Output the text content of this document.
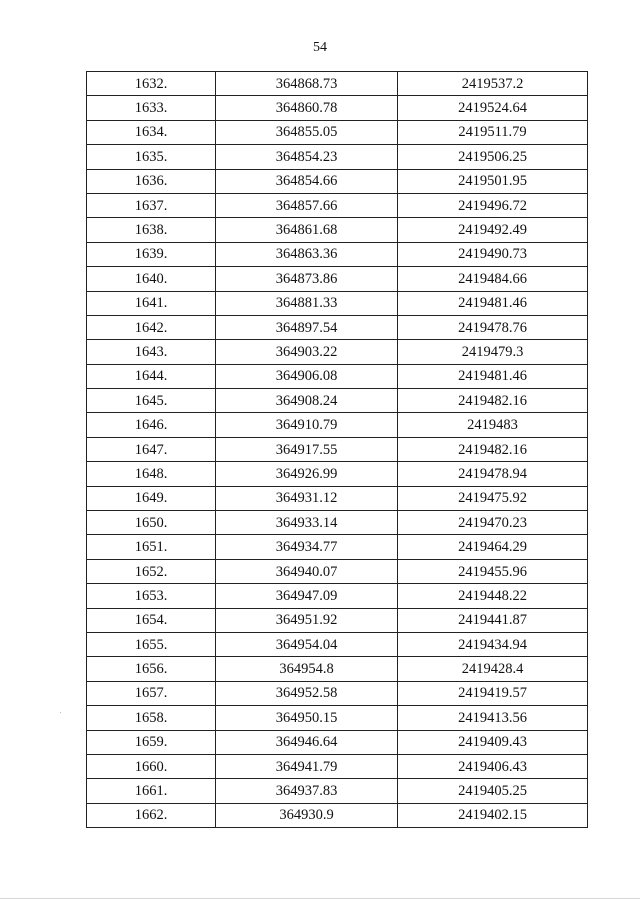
54
1632.	364868.73	2419537.2
1633.	364860.78	2419524.64
1634.	364855.05	2419511.79
1635.	364854.23	2419506.25
1636.	364854.66	2419501.95
1637.	364857.66	2419496.72
1638.	364861.68	2419492.49
1639.	364863.36	2419490.73
1640.	364873.86	2419484.66
1641.	364881.33	2419481.46
1642.	364897.54	2419478.76
1643.	364903.22	2419479.3
1644.	364906.08	2419481.46
1645.	364908.24	2419482.16
1646.	364910.79	2419483
1647.	364917.55	2419482.16
1648.	364926.99	2419478.94
1649.	364931.12	2419475.92
1650.	364933.14	2419470.23
1651.	364934.77	2419464.29
1652.	364940.07	2419455.96
1653.	364947.09	2419448.22
1654.	364951.92	2419441.87
1655.	364954.04	2419434.94
1656.	364954.8	2419428.4
1657.	364952.58	2419419.57
1658.	364950.15	2419413.56
1659.	364946.64	2419409.43
1660.	364941.79	2419406.43
1661.	364937.83	2419405.25
1662.	364930.9	2419402.15
